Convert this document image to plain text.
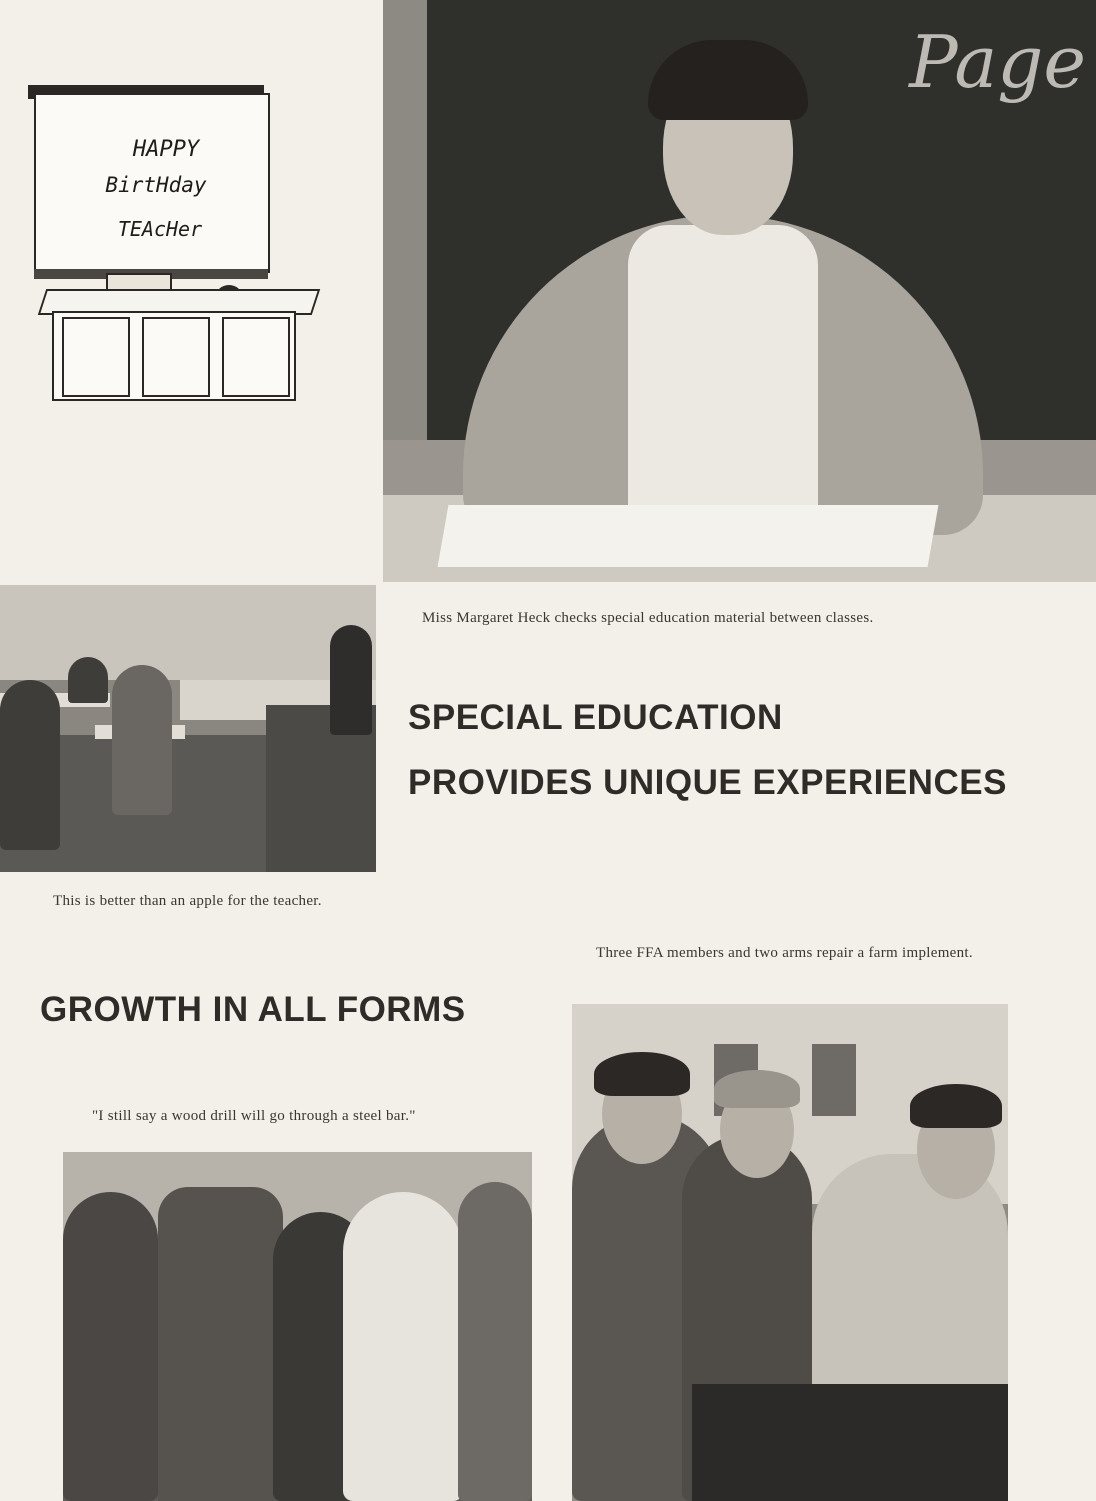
HAPPY
BirtHday
TEAcHer
Page
Miss Margaret Heck checks special education material between classes.
This is better than an apple for the teacher.
SPECIAL EDUCATION
PROVIDES UNIQUE EXPERIENCES
GROWTH IN ALL FORMS
Three FFA members and two arms repair a farm implement.
"I still say a wood drill will go through a steel bar."
